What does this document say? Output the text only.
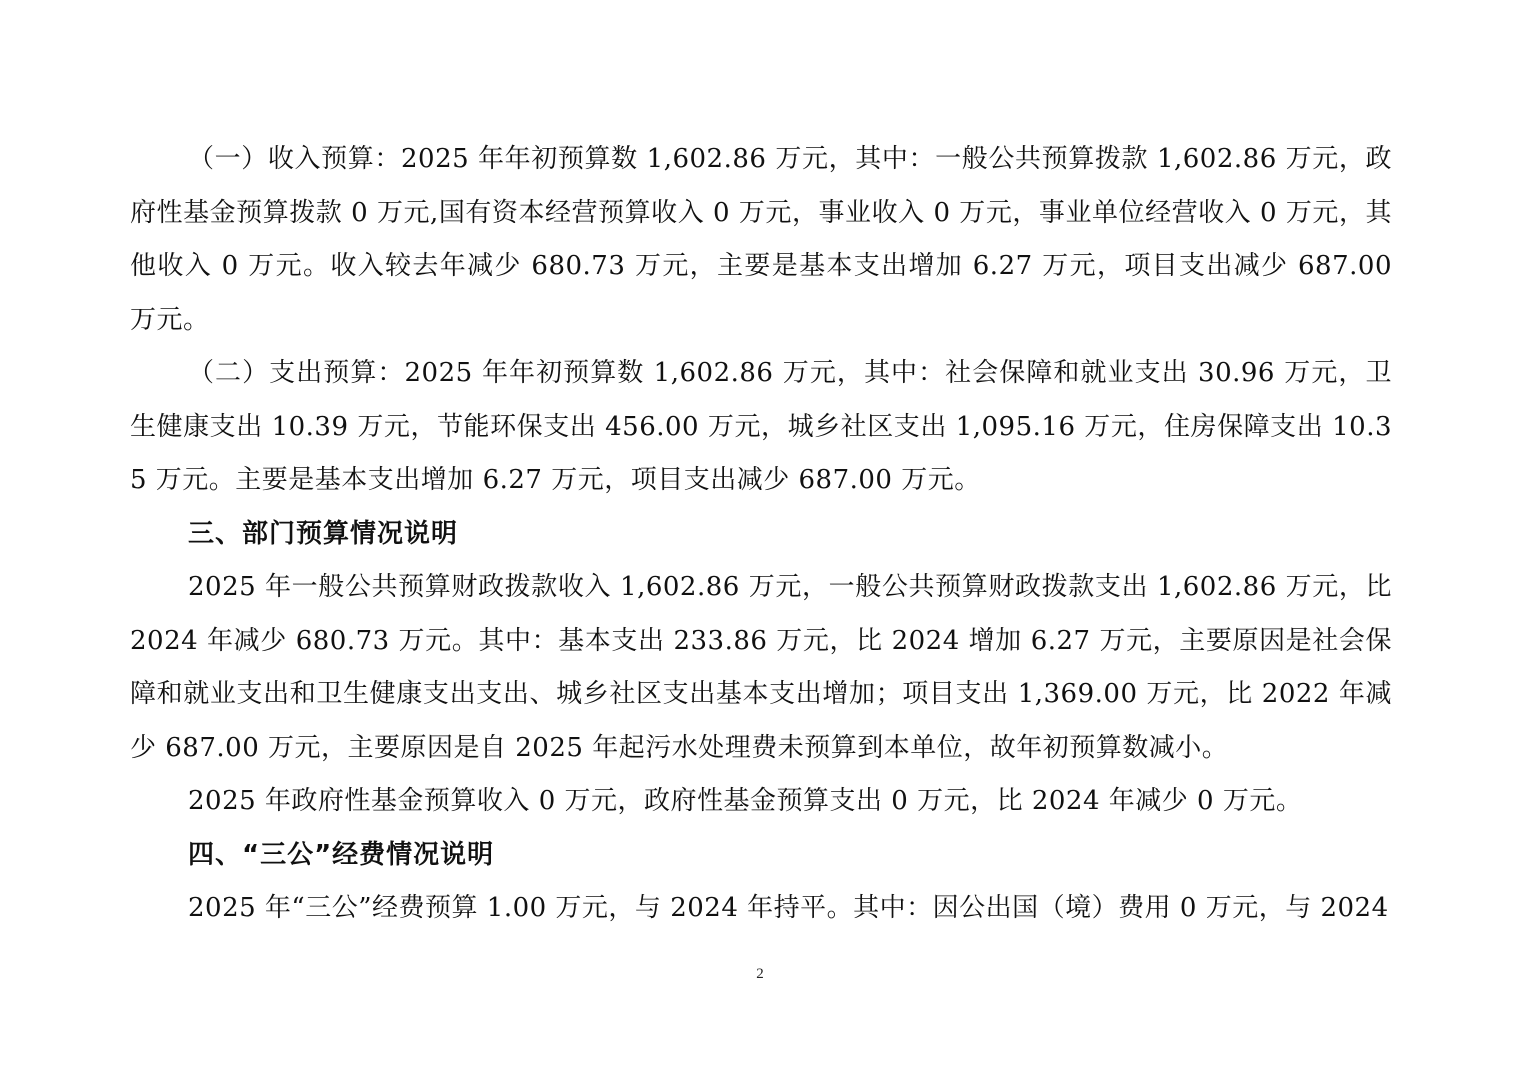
（一）收入预算：2025 年年初预算数 1,602.86 万元，其中：一般公共预算拨款 1,602.86 万元，政府性基金预算拨款 0 万元,国有资本经营预算收入 0 万元，事业收入 0 万元，事业单位经营收入 0 万元，其他收入 0 万元。收入较去年减少 680.73 万元，主要是基本支出增加 6.27 万元，项目支出减少 687.00 万元。

（二）支出预算：2025 年年初预算数 1,602.86 万元，其中：社会保障和就业支出 30.96 万元，卫生健康支出 10.39 万元，节能环保支出 456.00 万元，城乡社区支出 1,095.16 万元，住房保障支出 10.35 万元。主要是基本支出增加 6.27 万元，项目支出减少 687.00 万元。

三、部门预算情况说明

2025 年一般公共预算财政拨款收入 1,602.86 万元，一般公共预算财政拨款支出 1,602.86 万元，比 2024 年减少 680.73 万元。其中：基本支出 233.86 万元，比 2024 增加 6.27 万元，主要原因是社会保障和就业支出和卫生健康支出支出、城乡社区支出基本支出增加；项目支出 1,369.00 万元，比 2022 年减少 687.00 万元，主要原因是自 2025 年起污水处理费未预算到本单位，故年初预算数减小。

2025 年政府性基金预算收入 0 万元，政府性基金预算支出 0 万元，比 2024 年减少 0 万元。

四、“三公”经费情况说明

2025 年“三公”经费预算 1.00 万元，与 2024 年持平。其中：因公出国（境）费用 0 万元，与 2024

2
